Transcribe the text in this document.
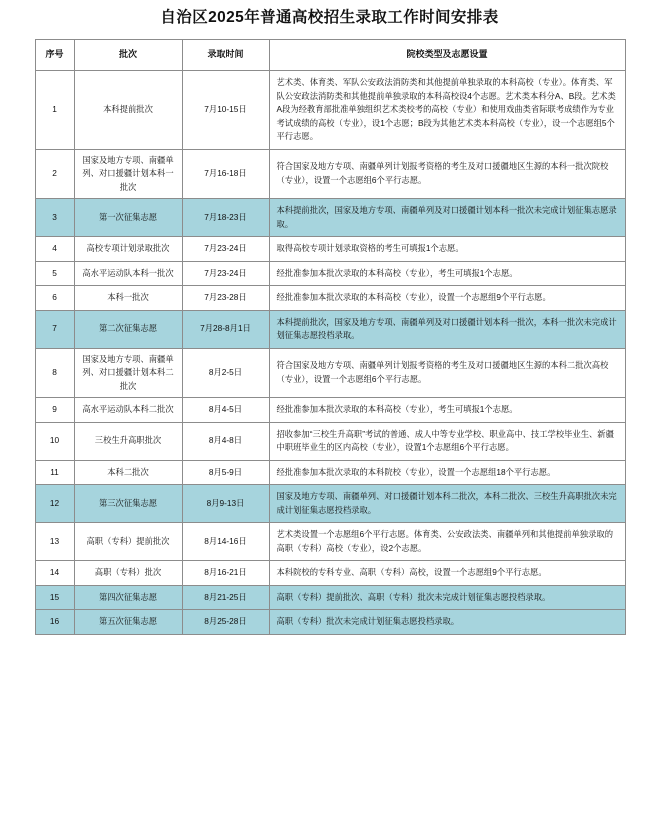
自治区2025年普通高校招生录取工作时间安排表
序号	批次	录取时间	院校类型及志愿设置
1	本科提前批次	7月10-15日	艺术类、体育类、军队公安政法消防类和其他提前单独录取的本科高校（专业）。体育类、军队公安政法消防类和其他提前单独录取的本科高校设4个志愿。艺术类本科分A、B段。艺术类A段为经教育部批准单独组织艺术类校考的高校（专业）和使用戏曲类省际联考成绩作为专业考试成绩的高校（专业），设1个志愿；B段为其他艺术类本科高校（专业），设一个志愿组5个平行志愿。
2	国家及地方专项、南疆单列、对口援疆计划本科一批次	7月16-18日	符合国家及地方专项、南疆单列计划报考资格的考生及对口援疆地区生源的本科一批次院校（专业），设置一个志愿组6个平行志愿。
3	第一次征集志愿	7月18-23日	本科提前批次，国家及地方专项、南疆单列及对口援疆计划本科一批次未完成计划征集志愿录取。
4	高校专项计划录取批次	7月23-24日	取得高校专项计划录取资格的考生可填报1个志愿。
5	高水平运动队本科一批次	7月23-24日	经批准参加本批次录取的本科高校（专业），考生可填报1个志愿。
6	本科一批次	7月23-28日	经批准参加本批次录取的本科高校（专业），设置一个志愿组9个平行志愿。
7	第二次征集志愿	7月28-8月1日	本科提前批次，国家及地方专项、南疆单列及对口援疆计划本科一批次，本科一批次未完成计划征集志愿投档录取。
8	国家及地方专项、南疆单列、对口援疆计划本科二批次	8月2-5日	符合国家及地方专项、南疆单列计划报考资格的考生及对口援疆地区生源的本科二批次高校（专业），设置一个志愿组6个平行志愿。
9	高水平运动队本科二批次	8月4-5日	经批准参加本批次录取的本科高校（专业），考生可填报1个志愿。
10	三校生升高职批次	8月4-8日	招收参加“三校生升高职”考试的普通、成人中等专业学校、职业高中、技工学校毕业生、新疆中职班毕业生的区内高校（专业），设置1个志愿组6个平行志愿。
11	本科二批次	8月5-9日	经批准参加本批次录取的本科院校（专业），设置一个志愿组18个平行志愿。
12	第三次征集志愿	8月9-13日	国家及地方专项、南疆单列、对口援疆计划本科二批次，本科二批次、三校生升高职批次未完成计划征集志愿投档录取。
13	高职（专科）提前批次	8月14-16日	艺术类设置一个志愿组6个平行志愿。体育类、公安政法类、南疆单列和其他提前单独录取的高职（专科）高校（专业），设2个志愿。
14	高职（专科）批次	8月16-21日	本科院校的专科专业、高职（专科）高校，设置一个志愿组9个平行志愿。
15	第四次征集志愿	8月21-25日	高职（专科）提前批次、高职（专科）批次未完成计划征集志愿投档录取。
16	第五次征集志愿	8月25-28日	高职（专科）批次未完成计划征集志愿投档录取。
